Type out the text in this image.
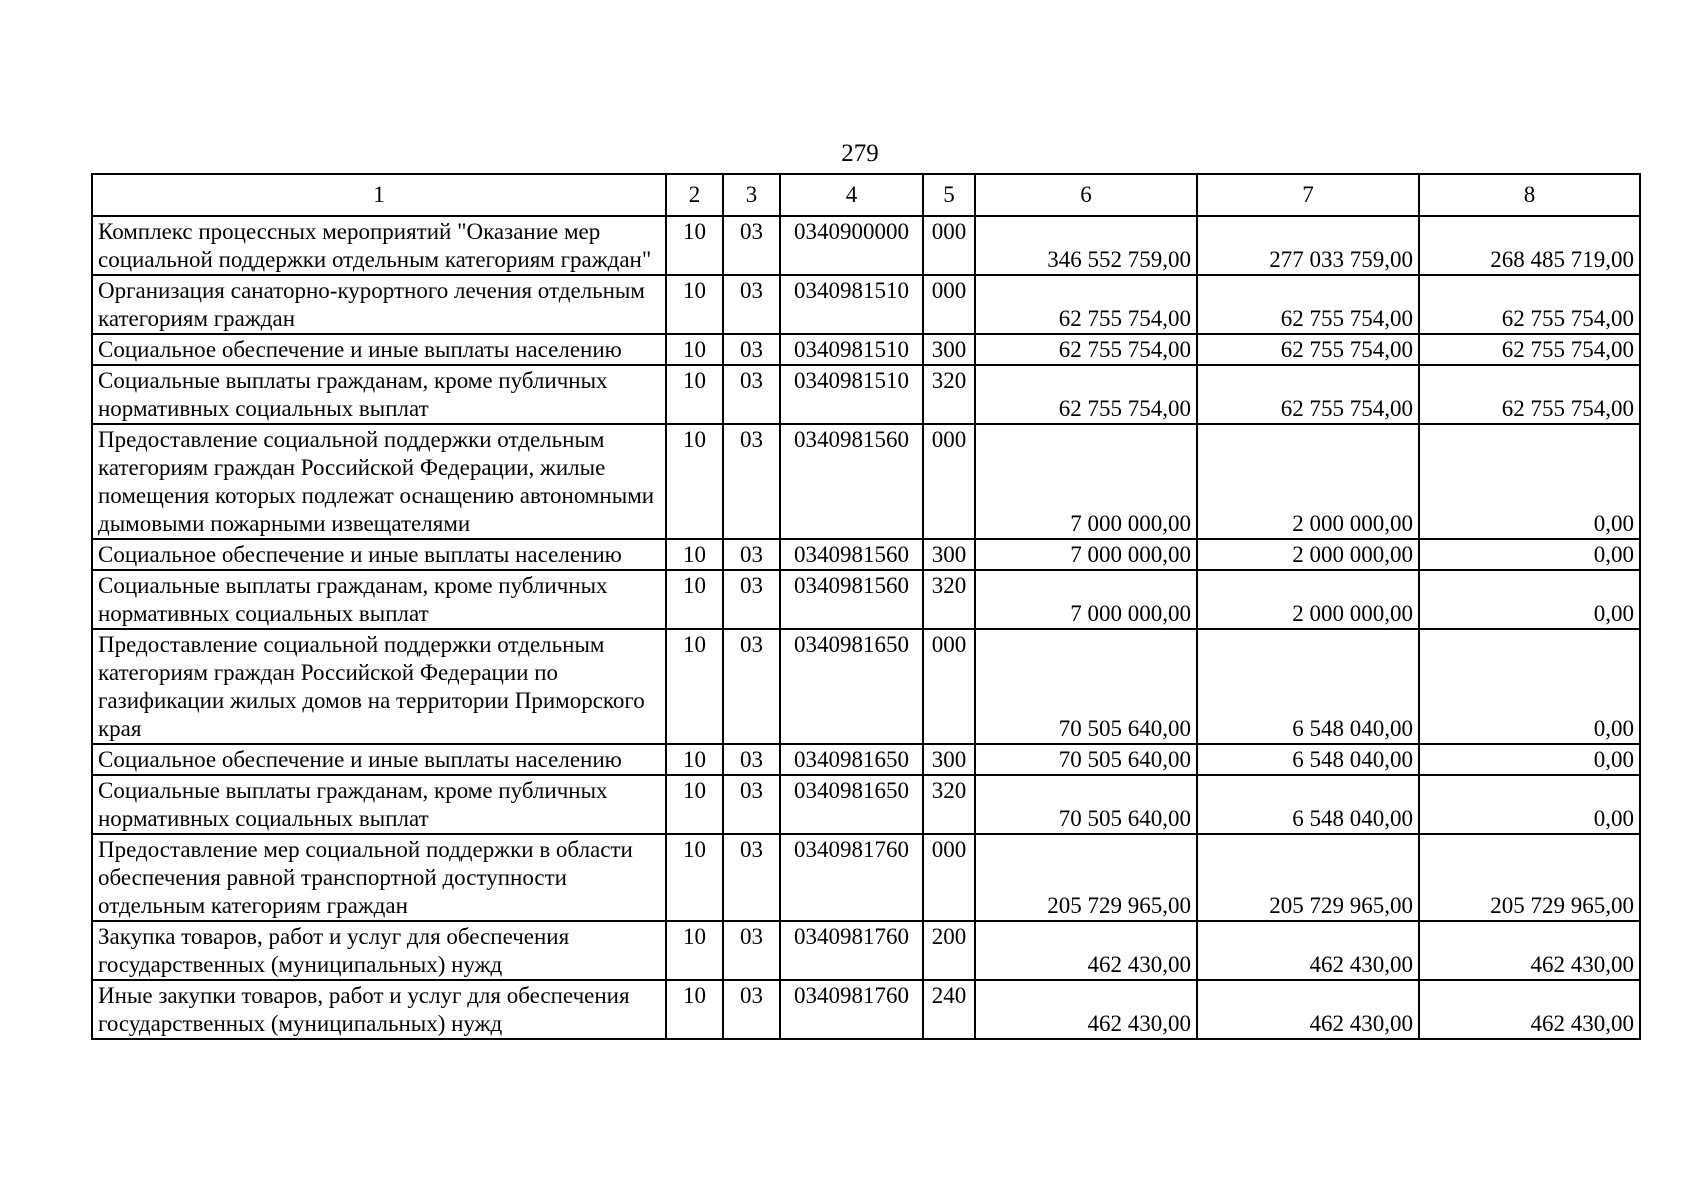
279
1	2	3	4	5	6	7	8
Комплекс процессных мероприятий "Оказание мер социальной поддержки отдельным категориям граждан"	10	03	0340900000	000	346 552 759,00	277 033 759,00	268 485 719,00
Организация санаторно-курортного лечения отдельным категориям граждан	10	03	0340981510	000	62 755 754,00	62 755 754,00	62 755 754,00
Социальное обеспечение и иные выплаты населению	10	03	0340981510	300	62 755 754,00	62 755 754,00	62 755 754,00
Социальные выплаты гражданам, кроме публичных нормативных социальных выплат	10	03	0340981510	320	62 755 754,00	62 755 754,00	62 755 754,00
Предоставление социальной поддержки отдельным категориям граждан Российской Федерации, жилые помещения которых подлежат оснащению автономными дымовыми пожарными извещателями	10	03	0340981560	000	7 000 000,00	2 000 000,00	0,00
Социальное обеспечение и иные выплаты населению	10	03	0340981560	300	7 000 000,00	2 000 000,00	0,00
Социальные выплаты гражданам, кроме публичных нормативных социальных выплат	10	03	0340981560	320	7 000 000,00	2 000 000,00	0,00
Предоставление социальной поддержки отдельным категориям граждан Российской Федерации по газификации жилых домов на территории Приморского края	10	03	0340981650	000	70 505 640,00	6 548 040,00	0,00
Социальное обеспечение и иные выплаты населению	10	03	0340981650	300	70 505 640,00	6 548 040,00	0,00
Социальные выплаты гражданам, кроме публичных нормативных социальных выплат	10	03	0340981650	320	70 505 640,00	6 548 040,00	0,00
Предоставление мер социальной поддержки в области обеспечения равной транспортной доступности отдельным категориям граждан	10	03	0340981760	000	205 729 965,00	205 729 965,00	205 729 965,00
Закупка товаров, работ и услуг для обеспечения государственных (муниципальных) нужд	10	03	0340981760	200	462 430,00	462 430,00	462 430,00
Иные закупки товаров, работ и услуг для обеспечения государственных (муниципальных) нужд	10	03	0340981760	240	462 430,00	462 430,00	462 430,00
